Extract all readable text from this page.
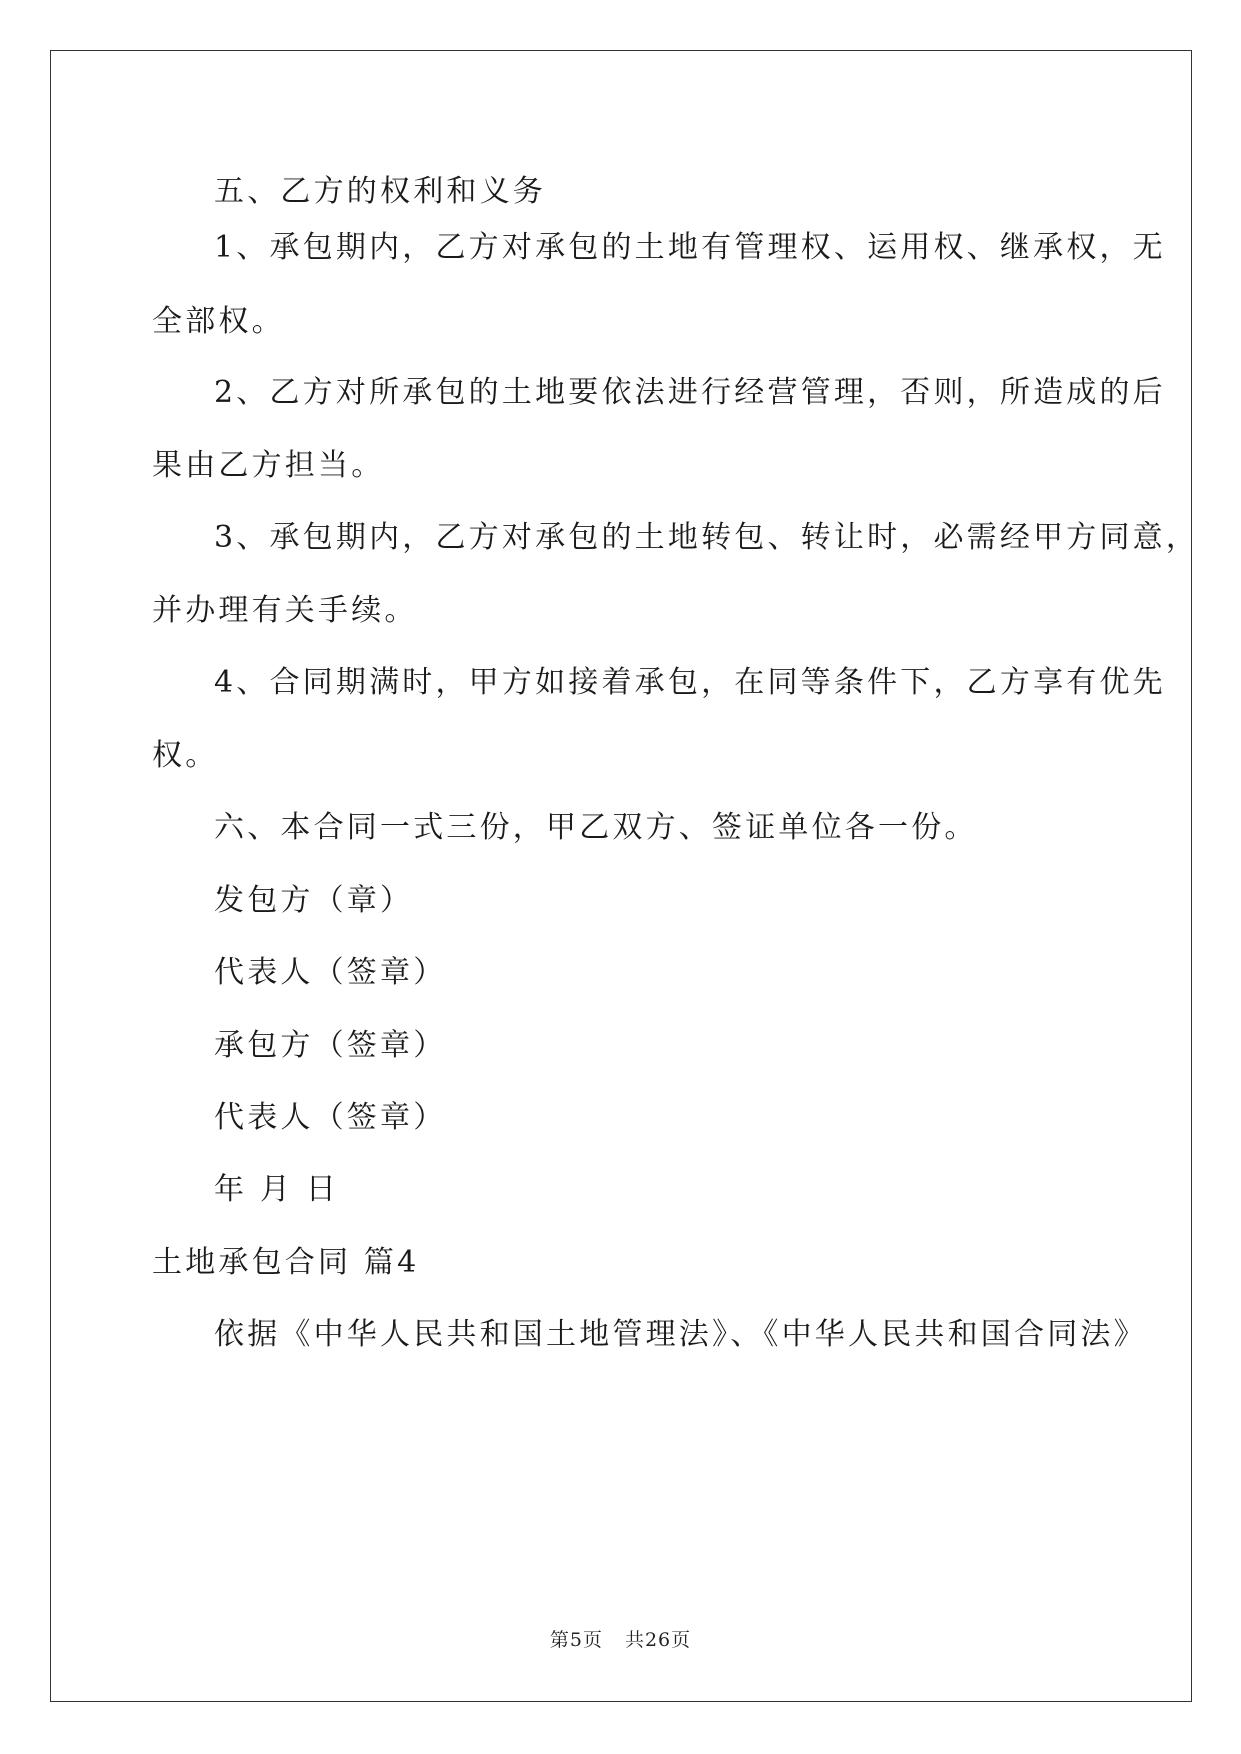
五、乙方的权利和义务
1、承包期内，乙方对承包的土地有管理权、运用权、继承权，无
全部权。
2、乙方对所承包的土地要依法进行经营管理，否则，所造成的后
果由乙方担当。
3、承包期内，乙方对承包的土地转包、转让时，必需经甲方同意，
并办理有关手续。
4、合同期满时，甲方如接着承包，在同等条件下，乙方享有优先
权。
六、本合同一式三份，甲乙双方、签证单位各一份。
发包方（章）
代表人（签章）
承包方（签章）
代表人（签章）
年 月 日
土地承包合同 篇4
依据《中华人民共和国土地管理法》、《中华人民共和国合同法》
第5页 共26页
